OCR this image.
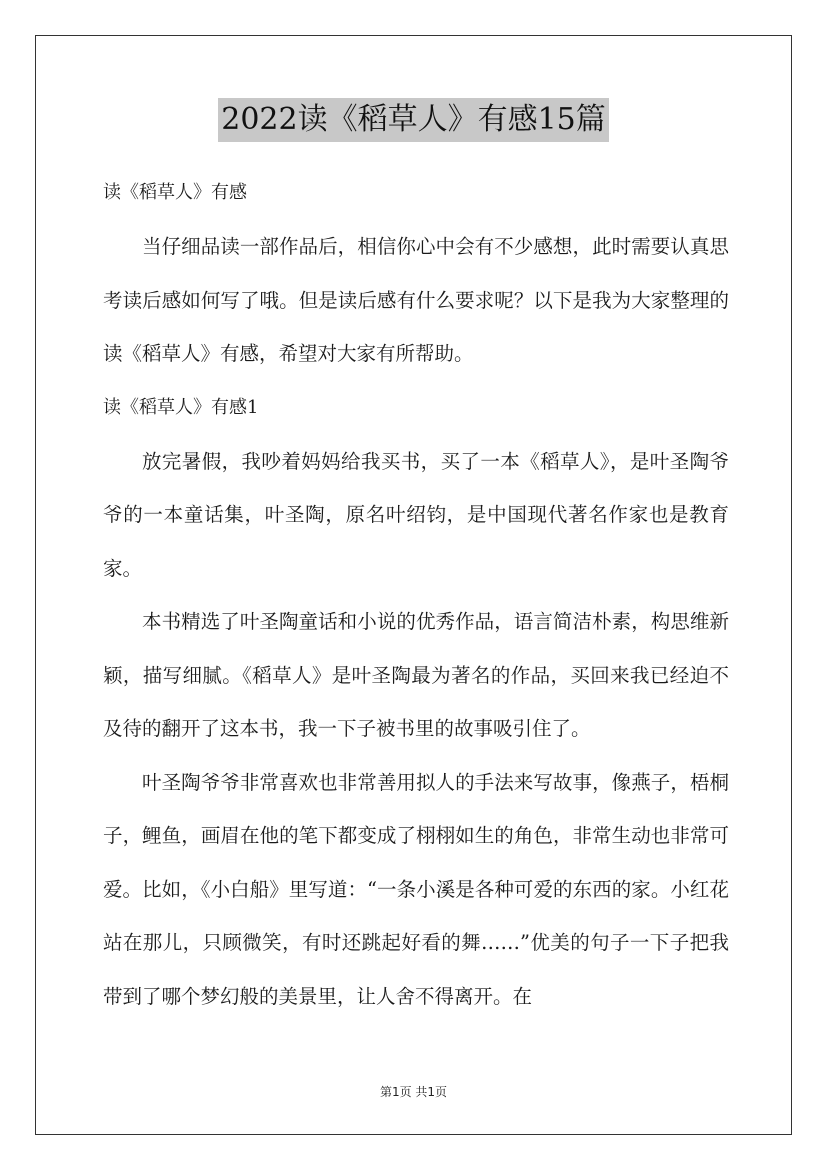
2022读《稻草人》有感15篇

读《稻草人》有感

当仔细品读一部作品后，相信你心中会有不少感想，此时需要认真思考读后感如何写了哦。但是读后感有什么要求呢？以下是我为大家整理的读《稻草人》有感，希望对大家有所帮助。

读《稻草人》有感1

放完暑假，我吵着妈妈给我买书，买了一本《稻草人》，是叶圣陶爷爷的一本童话集，叶圣陶，原名叶绍钧，是中国现代著名作家也是教育家。

本书精选了叶圣陶童话和小说的优秀作品，语言简洁朴素，构思维新颖，描写细腻。《稻草人》是叶圣陶最为著名的作品，买回来我已经迫不及待的翻开了这本书，我一下子被书里的故事吸引住了。

叶圣陶爷爷非常喜欢也非常善用拟人的手法来写故事，像燕子，梧桐子，鲤鱼，画眉在他的笔下都变成了栩栩如生的角色，非常生动也非常可爱。比如，《小白船》里写道：“一条小溪是各种可爱的东西的家。小红花站在那儿，只顾微笑，有时还跳起好看的舞……”优美的句子一下子把我带到了哪个梦幻般的美景里，让人舍不得离开。在

第1页 共1页
